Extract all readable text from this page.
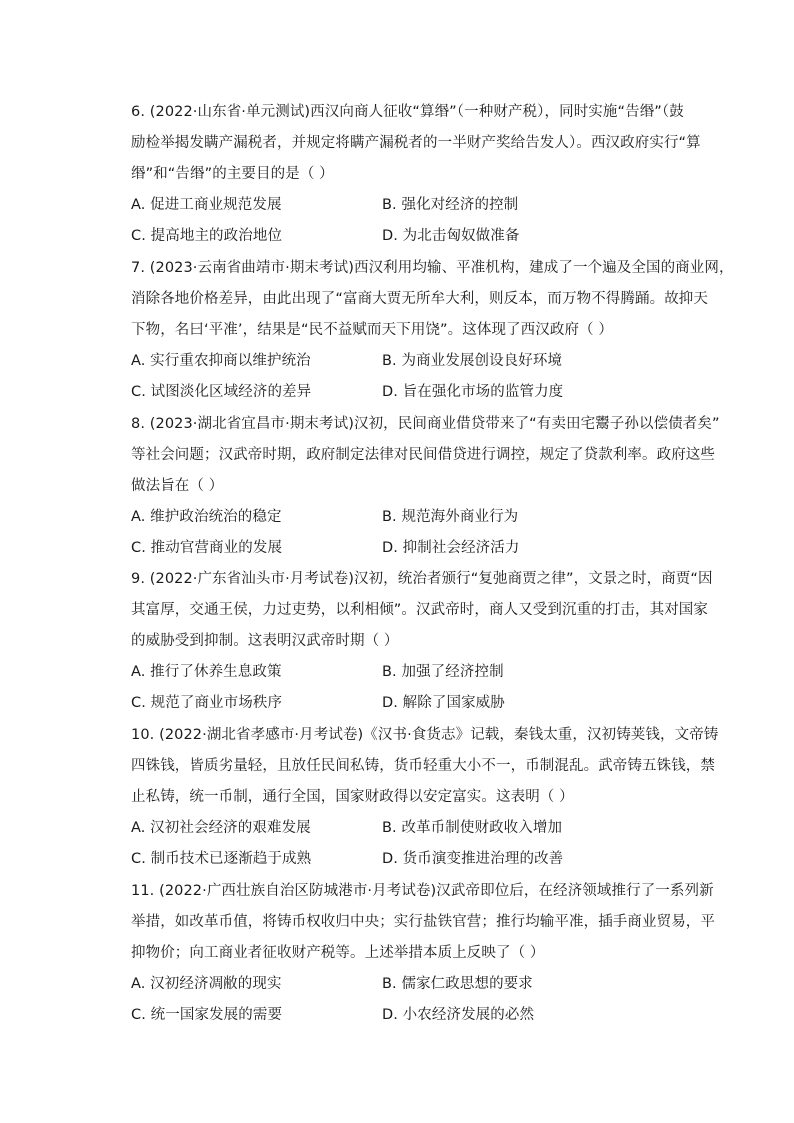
6. (2022·山东省·单元测试)西汉向商人征收“算缗”（一种财产税），同时实施“告缗”（鼓
励检举揭发瞒产漏税者，并规定将瞒产漏税者的一半财产奖给告发人）。西汉政府实行“算
缗”和“告缗”的主要目的是（ ）
A. 促进工商业规范发展	B. 强化对经济的控制
C. 提高地主的政治地位	D. 为北击匈奴做准备
7. (2023·云南省曲靖市·期末考试)西汉利用均输、平准机构，建成了一个遍及全国的商业网，
消除各地价格差异，由此出现了“富商大贾无所牟大利，则反本，而万物不得腾踊。故抑天
下物，名曰‘平准’，结果是“民不益赋而天下用饶”。这体现了西汉政府（ ）
A. 实行重农抑商以维护统治	B. 为商业发展创设良好环境
C. 试图淡化区域经济的差异	D. 旨在强化市场的监管力度
8. (2023·湖北省宜昌市·期末考试)汉初，民间商业借贷带来了“有卖田宅鬻子孙以偿债者矣”
等社会问题；汉武帝时期，政府制定法律对民间借贷进行调控，规定了贷款利率。政府这些
做法旨在（ ）
A. 维护政治统治的稳定	B. 规范海外商业行为
C. 推动官营商业的发展	D. 抑制社会经济活力
9. (2022·广东省汕头市·月考试卷)汉初，统治者颁行“复弛商贾之律”，文景之时，商贾“因
其富厚，交通王侯，力过吏势，以利相倾”。汉武帝时，商人又受到沉重的打击，其对国家
的威胁受到抑制。这表明汉武帝时期（ ）
A. 推行了休养生息政策	B. 加强了经济控制
C. 规范了商业市场秩序	D. 解除了国家威胁
10. (2022·湖北省孝感市·月考试卷)《汉书·食货志》记载，秦钱太重，汉初铸荚钱，文帝铸
四铢钱，皆质劣量轻，且放任民间私铸，货币轻重大小不一，币制混乱。武帝铸五铢钱，禁
止私铸，统一币制，通行全国，国家财政得以安定富实。这表明（ ）
A. 汉初社会经济的艰难发展	B. 改革币制使财政收入增加
C. 制币技术已逐渐趋于成熟	D. 货币演变推进治理的改善
11. (2022·广西壮族自治区防城港市·月考试卷)汉武帝即位后，在经济领域推行了一系列新
举措，如改革币值，将铸币权收归中央；实行盐铁官营；推行均输平准，插手商业贸易，平
抑物价；向工商业者征收财产税等。上述举措本质上反映了（ ）
A. 汉初经济凋敝的现实	B. 儒家仁政思想的要求
C. 统一国家发展的需要	D. 小农经济发展的必然
